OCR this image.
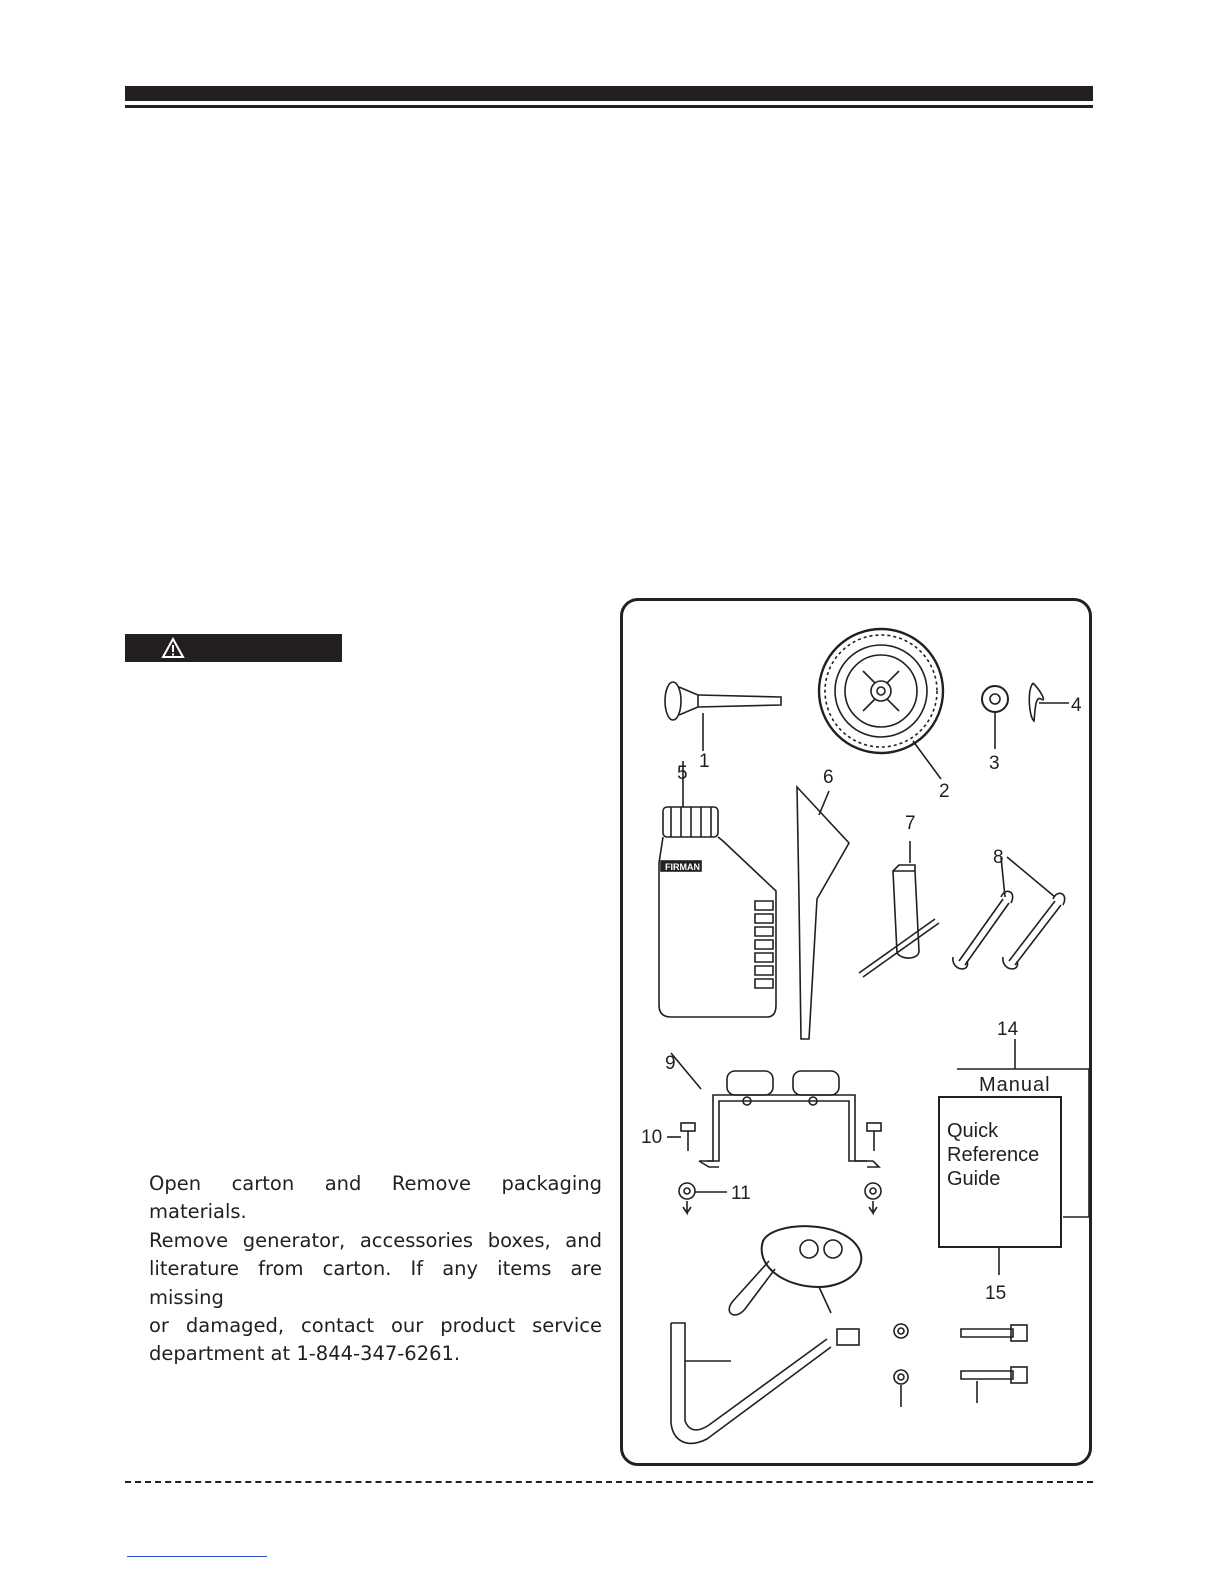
Open carton and Remove packaging materials.
Remove generator, accessories boxes, and
literature from carton. If any items are missing
or damaged, contact our product service
department at 1-844-347-6261.
1
2
3
4
5	6
7
8
9
10
11
14
15
FIRMAN
Manual
Quick
Reference
Guide
